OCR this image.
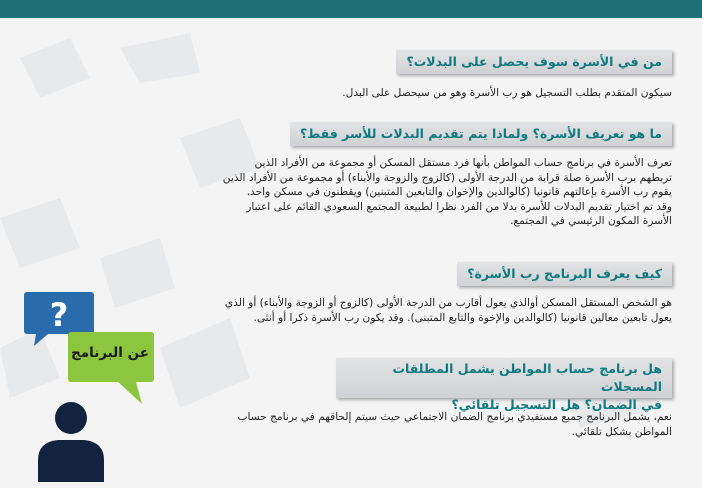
من في الأسرة سوف يحصل على البدلات؟
سيكون المتقدم بطلب التسجيل هو رب الأسرة وهو من سيحصل على البدل.
ما هو تعريف الأسرة؟ ولماذا يتم تقديم البدلات للأسر فقط؟
تعرف الأسرة في برنامج حساب المواطن بأنها فرد مستقل المسكن أو مجموعة من الأفراد الذين
تربطهم برب الأسرة صلة قرابة من الدرجة الأولى (كالزوج والزوجة والأبناء) أو مجموعة من الأفراد الذين
يقوم رب الأسرة بإعالتهم قانونيا (كالوالدين والإخوان والتابعين المتبنين) ويقطنون في مسكن واحد.
وقد تم اختيار تقديم البدلات للأسرة بدلا من الفرد نظرا لطبيعة المجتمع السعودي القائم على اعتبار
الأسرة المكون الرئيسي في المجتمع.
كيف يعرف البرنامج رب الأسرة؟
هو الشخص المستقل المسكن أوالذي يعول أقارب من الدرجة الأولى (كالزوج أو الزوجة والأبناء) أو الذي
يعول تابعين معالين قانونيا (كالوالدين والإخوة والتابع المتبنى). وقد يكون رب الأسرة ذكرا أو أنثى.
هل برنامج حساب المواطن يشمل المطلقات المسجلات
في الضمان؟ هل التسجيل تلقائي؟
نعم، يشمل البرنامج جميع مستفيدي برنامج الضمان الاجتماعي حيث سيتم إلحاقهم في برنامج حساب
المواطن بشكل تلقائي.
?
عن البرنامج
